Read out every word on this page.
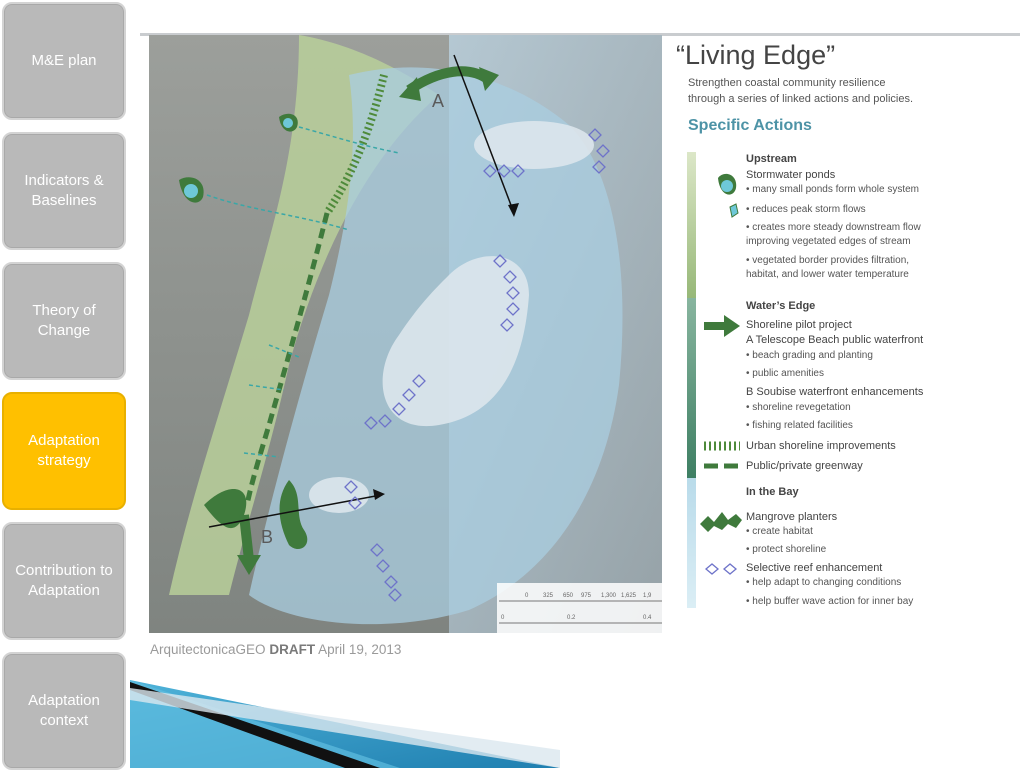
M&E plan
Indicators & Baselines
Theory of Change
Adaptation strategy
Contribution to Adaptation
Adaptation context
A
B
0 325 650 975 1,300 1,625 1,9
0	0.2	0.4
“Living Edge”
Strengthen coastal community resilience
through a series of linked actions and policies.
Specific Actions
Upstream
Stormwater ponds
• many small ponds form whole system
• reduces peak storm flows
• creates more steady downstream flow
improving vegetated edges of stream
• vegetated border provides filtration,
habitat, and lower water temperature
Water’s Edge
Shoreline pilot project
A Telescope Beach public waterfront
• beach grading and planting
• public amenities
B Soubise waterfront enhancements
• shoreline revegetation
• fishing related facilities
Urban shoreline improvements
Public/private greenway
In the Bay
Mangrove planters
• create habitat
• protect shoreline
Selective reef enhancement
• help adapt to changing conditions
• help buffer wave action for inner bay
ArquitectonicaGEO DRAFT April 19, 2013
